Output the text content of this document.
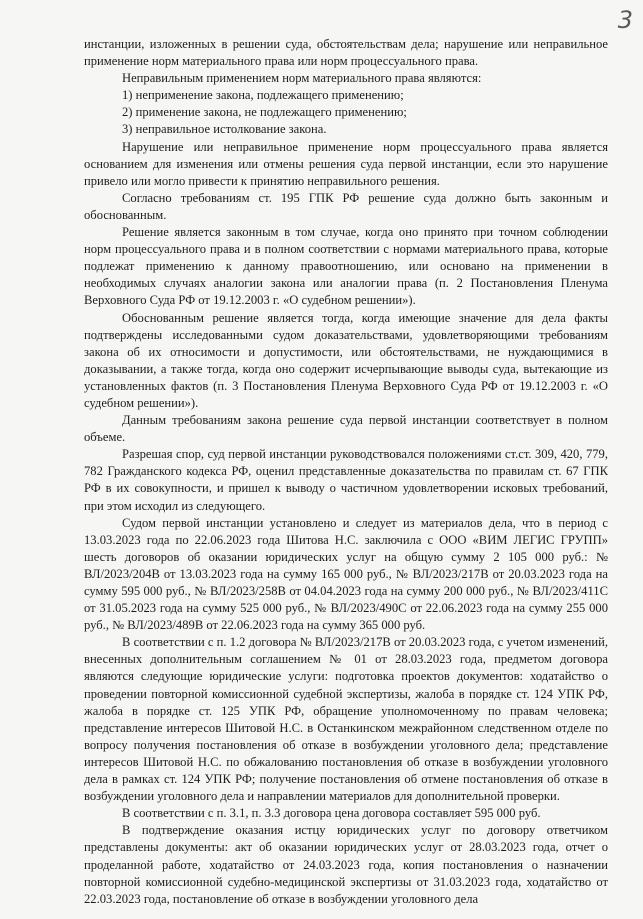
3

инстанции, изложенных в решении суда, обстоятельствам дела; нарушение или неправильное применение норм материального права или норм процессуального права.

Неправильным применением норм материального права являются:

1) неприменение закона, подлежащего применению;

2) применение закона, не подлежащего применению;

3) неправильное истолкование закона.

Нарушение или неправильное применение норм процессуального права является основанием для изменения или отмены решения суда первой инстанции, если это нарушение привело или могло привести к принятию неправильного решения.

Согласно требованиям ст. 195 ГПК РФ решение суда должно быть законным и обоснованным.

Решение является законным в том случае, когда оно принято при точном соблюдении норм процессуального права и в полном соответствии с нормами материального права, которые подлежат применению к данному правоотношению, или основано на применении в необходимых случаях аналогии закона или аналогии права (п. 2 Постановления Пленума Верховного Суда РФ от 19.12.2003 г. «О судебном решении»).

Обоснованным решение является тогда, когда имеющие значение для дела факты подтверждены исследованными судом доказательствами, удовлетворяющими требованиям закона об их относимости и допустимости, или обстоятельствами, не нуждающимися в доказывании, а также тогда, когда оно содержит исчерпывающие выводы суда, вытекающие из установленных фактов (п. 3 Постановления Пленума Верховного Суда РФ от 19.12.2003 г. «О судебном решении»).

Данным требованиям закона решение суда первой инстанции соответствует в полном объеме.

Разрешая спор, суд первой инстанции руководствовался положениями ст.ст. 309, 420, 779, 782 Гражданского кодекса РФ, оценил представленные доказательства по правилам ст. 67 ГПК РФ в их совокупности, и пришел к выводу о частичном удовлетворении исковых требований, при этом исходил из следующего.

Судом первой инстанции установлено и следует из материалов дела, что в период с 13.03.2023 года по 22.06.2023 года Шитова Н.С. заключила с ООО «ВИМ ЛЕГИС ГРУПП» шесть договоров об оказании юридических услуг на общую сумму 2 105 000 руб.: № ВЛ/2023/204В от 13.03.2023 года на сумму 165 000 руб., № ВЛ/2023/217В от 20.03.2023 года на сумму 595 000 руб., № ВЛ/2023/258В от 04.04.2023 года на сумму 200 000 руб., № ВЛ/2023/411С от 31.05.2023 года на сумму 525 000 руб., № ВЛ/2023/490С от 22.06.2023 года на сумму 255 000 руб., № ВЛ/2023/489В от 22.06.2023 года на сумму 365 000 руб.

В соответствии с п. 1.2 договора № ВЛ/2023/217В от 20.03.2023 года, с учетом изменений, внесенных дополнительным соглашением № 01 от 28.03.2023 года, предметом договора являются следующие юридические услуги: подготовка проектов документов: ходатайство о проведении повторной комиссионной судебной экспертизы, жалоба в порядке ст. 124 УПК РФ, жалоба в порядке ст. 125 УПК РФ, обращение уполномоченному по правам человека; представление интересов Шитовой Н.С. в Останкинском межрайонном следственном отделе по вопросу получения постановления об отказе в возбуждении уголовного дела; представление интересов Шитовой Н.С. по обжалованию постановления об отказе в возбуждении уголовного дела в рамках ст. 124 УПК РФ; получение постановления об отмене постановления об отказе в возбуждении уголовного дела и направлении материалов для дополнительной проверки.

В соответствии с п. 3.1, п. 3.3 договора цена договора составляет 595 000 руб.

В подтверждение оказания истцу юридических услуг по договору ответчиком представлены документы: акт об оказании юридических услуг от 28.03.2023 года, отчет о проделанной работе, ходатайство от 24.03.2023 года, копия постановления о назначении повторной комиссионной судебно-медицинской экспертизы от 31.03.2023 года, ходатайство от 22.03.2023 года, постановление об отказе в возбуждении уголовного дела
